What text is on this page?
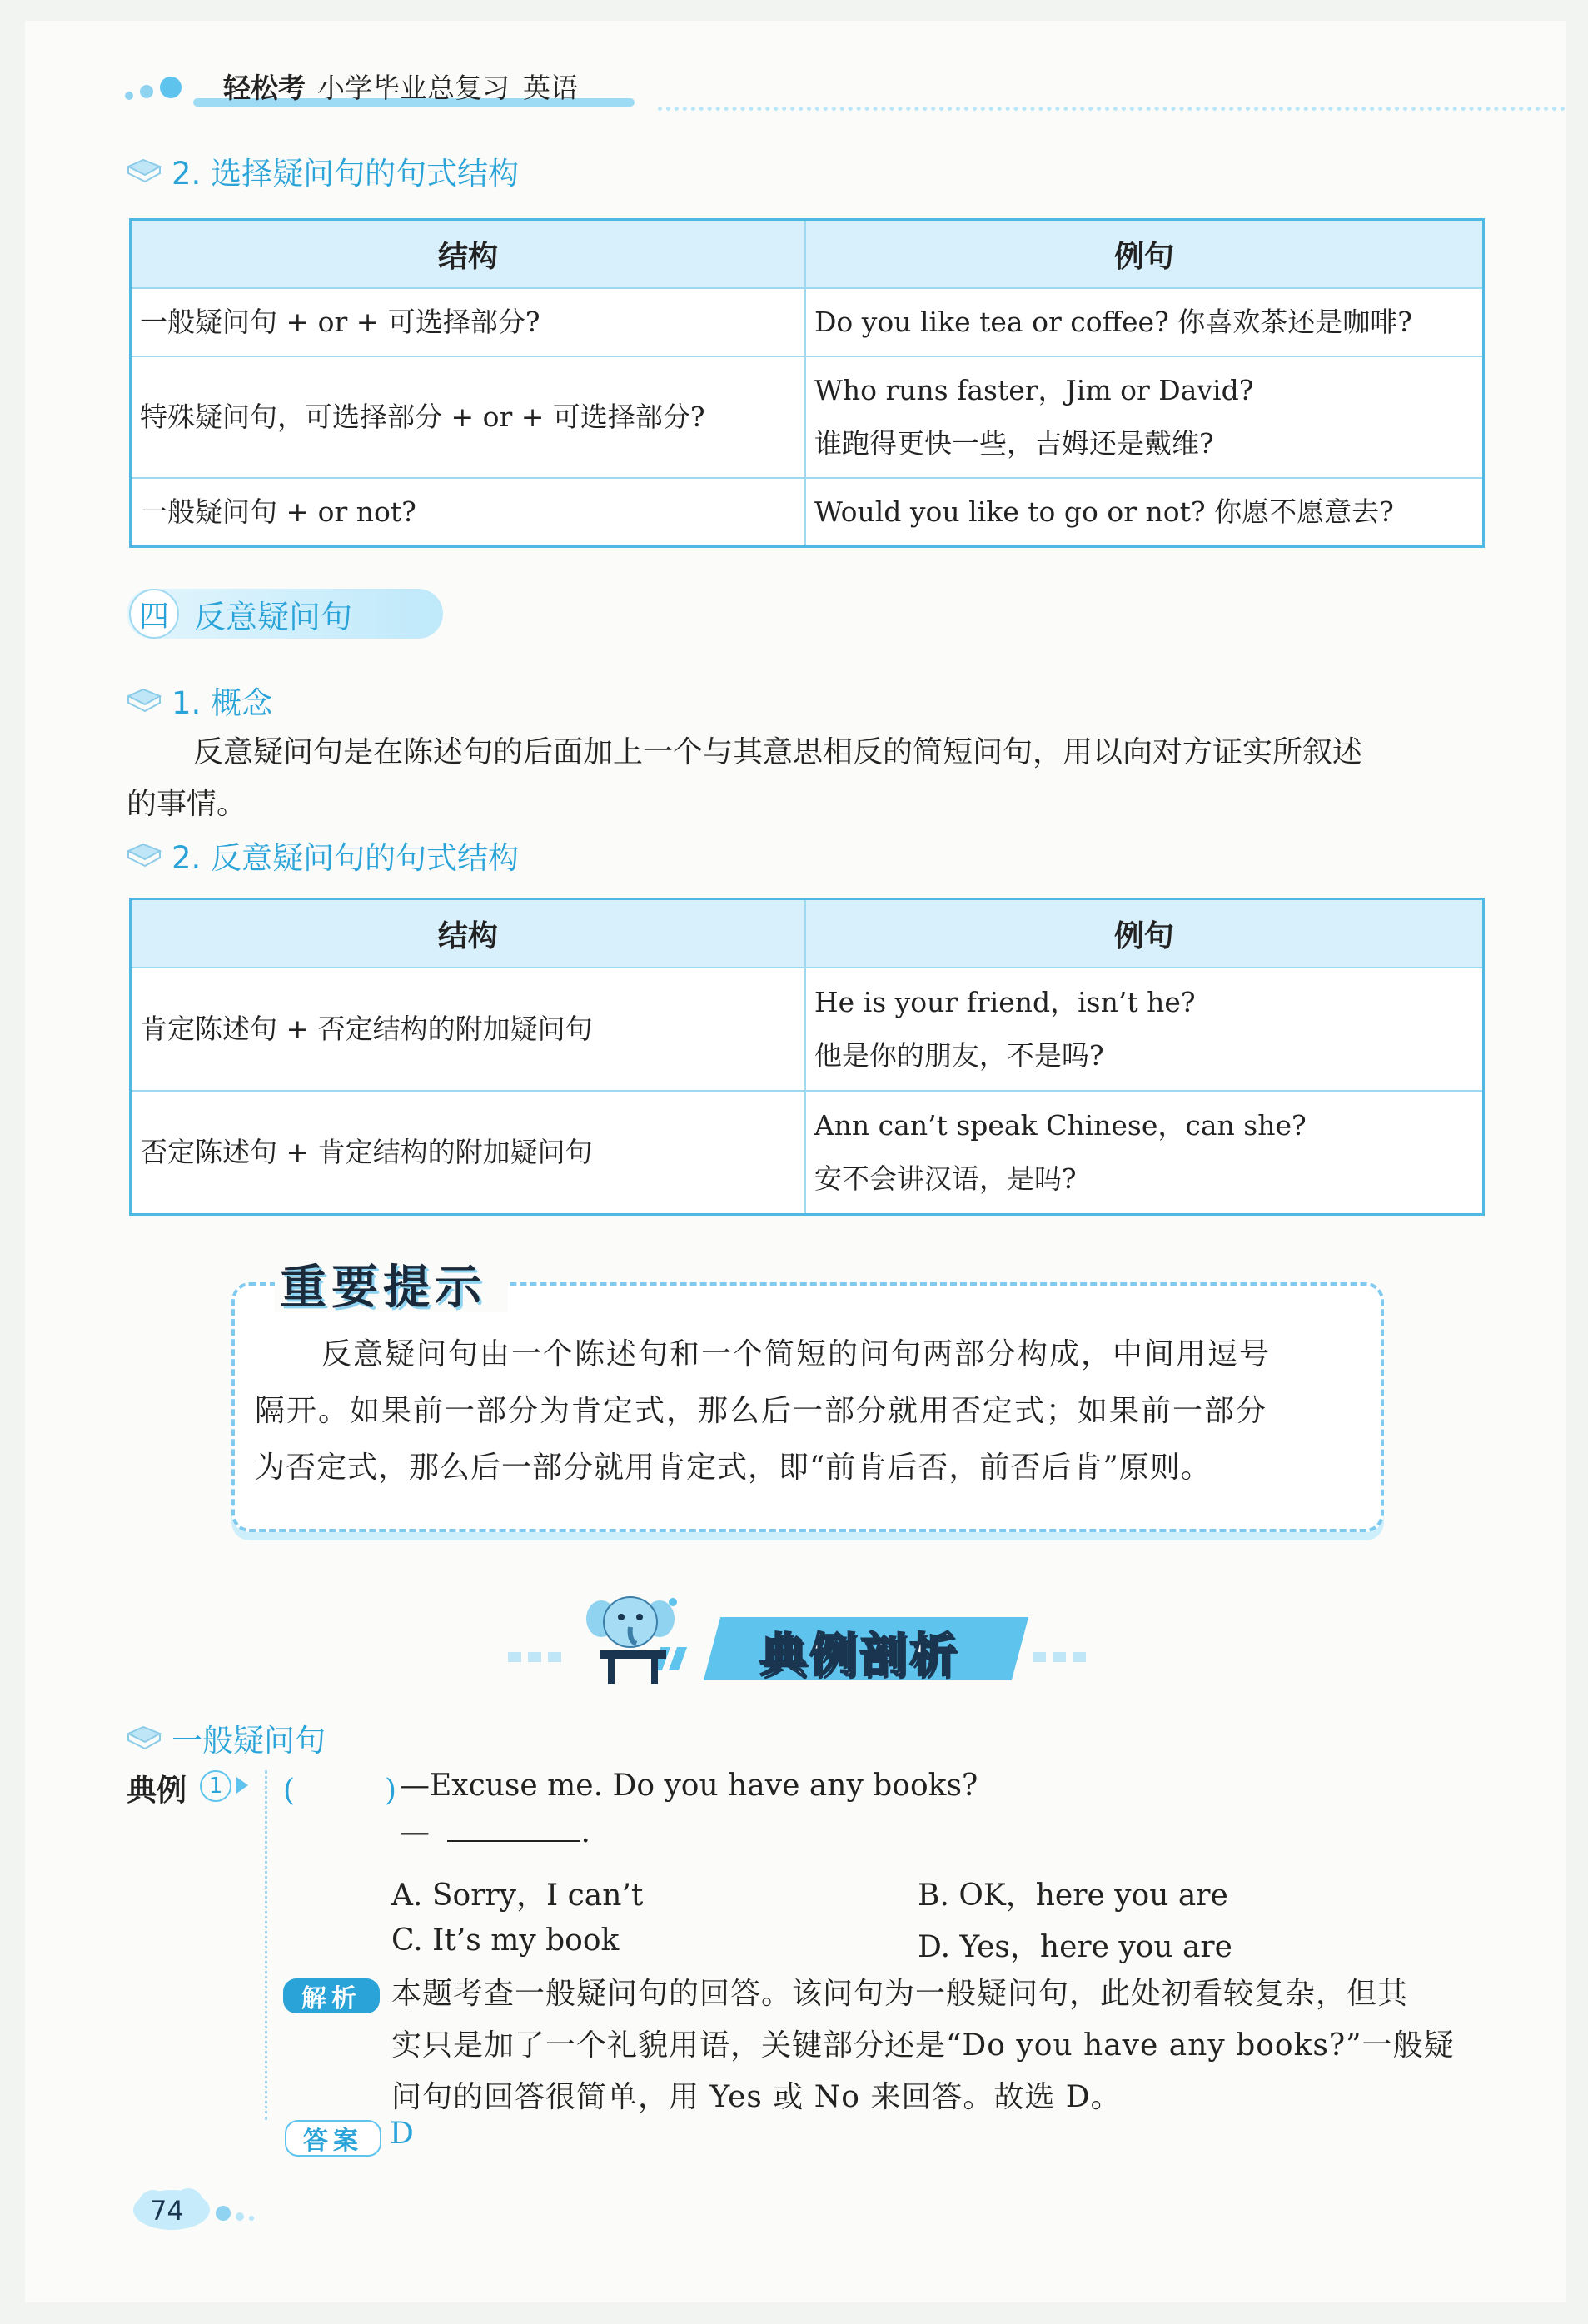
轻松考 小学毕业总复习 英语
2. 选择疑问句的句式结构
结构	例句
一般疑问句 + or + 可选择部分?	Do you like tea or coffee? 你喜欢茶还是咖啡?
特殊疑问句，可选择部分 + or + 可选择部分?	Who runs faster，Jim or David?
谁跑得更快一些，吉姆还是戴维?

一般疑问句 + or not?	Would you like to go or not? 你愿不愿意去?
四 反意疑问句
1. 概念
反意疑问句是在陈述句的后面加上一个与其意思相反的简短问句，用以向对方证实所叙述
的事情。
2. 反意疑问句的句式结构
结构	例句
肯定陈述句 + 否定结构的附加疑问句	He is your friend，isn’t he?
他是你的朋友，不是吗?

否定陈述句 + 肯定结构的附加疑问句	Ann can’t speak Chinese，can she?
安不会讲汉语，是吗?
重要提示
反意疑问句由一个陈述句和一个简短的问句两部分构成，中间用逗号
隔开。如果前一部分为肯定式，那么后一部分就用否定式；如果前一部分
为否定式，那么后一部分就用肯定式，即“前肯后否，前否后肯”原则。
典例剖析
一般疑问句
典例	1 (　　　) —Excuse me. Do you have any books?
—	.
A. Sorry，I can’t	B. OK，here you are
C. It’s my book	D. Yes，here you are
解析	本题考查一般疑问句的回答。该问句为一般疑问句，此处初看较复杂，但其
实只是加了一个礼貌用语，关键部分还是“Do you have any books?”一般疑
问句的回答很简单，用 Yes 或 No 来回答。故选 D。
答案 D
74
